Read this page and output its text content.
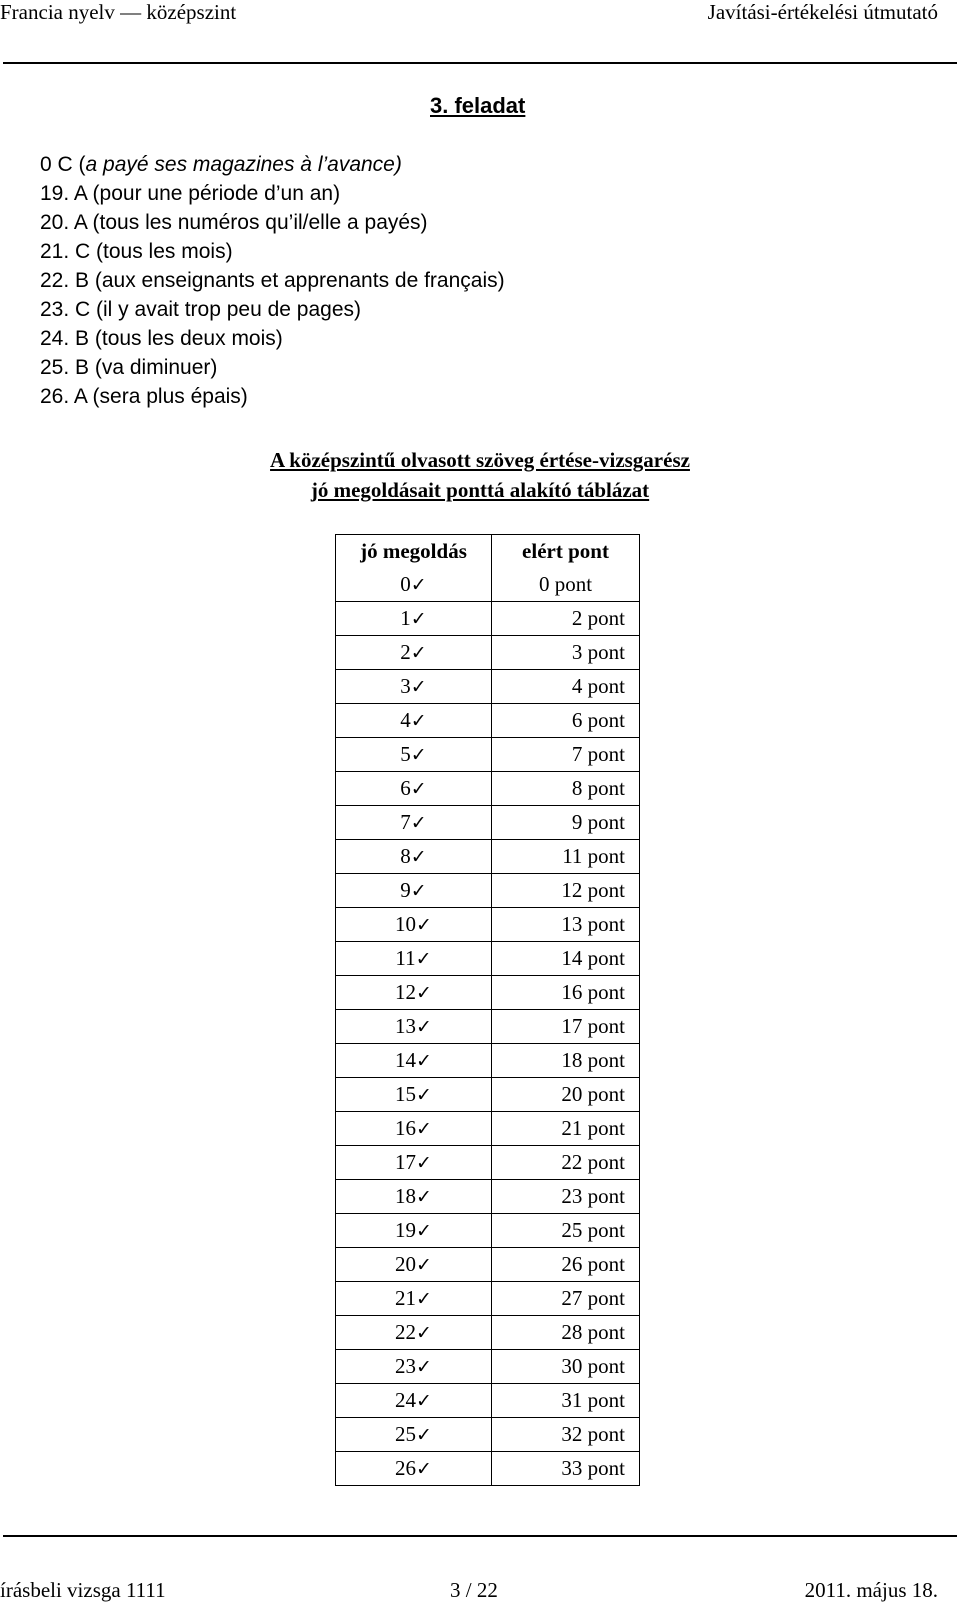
Francia nyelv — középszint	Javítási-értékelési útmutató
3. feladat
0 C (a payé ses magazines à l’avance)
19. A (pour une période d’un an)
20. A (tous les numéros qu’il/elle a payés)
21. C (tous les mois)
22. B (aux enseignants et apprenants de français)
23. C (il y avait trop peu de pages)
24. B (tous les deux mois)
25. B (va diminuer)
26. A (sera plus épais)
A középszintű olvasott szöveg értése-vizsgarész
jó megoldásait ponttá alakító táblázat
jó megoldás	elért pont
0✓	0 pont
1✓	2 pont
2✓	3 pont
3✓	4 pont
4✓	6 pont
5✓	7 pont
6✓	8 pont
7✓	9 pont
8✓	11 pont
9✓	12 pont
10✓	13 pont
11✓	14 pont
12✓	16 pont
13✓	17 pont
14✓	18 pont
15✓	20 pont
16✓	21 pont
17✓	22 pont
18✓	23 pont
19✓	25 pont
20✓	26 pont
21✓	27 pont
22✓	28 pont
23✓	30 pont
24✓	31 pont
25✓	32 pont
26✓	33 pont
írásbeli vizsga 1111	3 / 22	2011. május 18.
